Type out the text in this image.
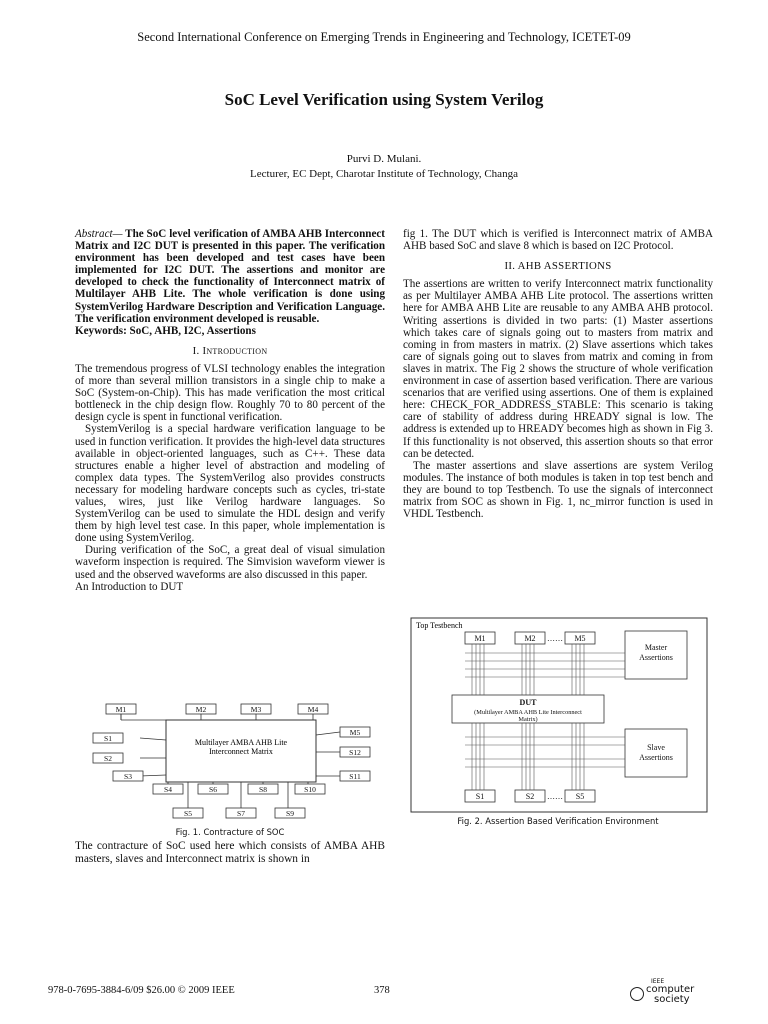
Second International Conference on Emerging Trends in Engineering and Technology, ICETET-09
SoC Level Verification using System Verilog
Purvi D. Mulani.
Lecturer, EC Dept, Charotar Institute of Technology, Changa

Abstract— The SoC level verification of AMBA AHB Interconnect Matrix and I2C DUT is presented in this paper. The verification environment has been developed and test cases have been implemented for I2C DUT. The assertions and monitor are developed to check the functionality of Interconnect matrix of Multilayer AHB Lite. The whole verification is done using SystemVerilog Hardware Description and Verification Language. The verification environment developed is reusable.

Keywords: SoC, AHB, I2C, Assertions

I. Introduction

The tremendous progress of VLSI technology enables the integration of more than several million transistors in a single chip to make a SoC (System-on-Chip). This has made verification the most critical bottleneck in the chip design flow. Roughly 70 to 80 percent of the design cycle is spent in functional verification.

SystemVerilog is a special hardware verification language to be used in function verification. It provides the high-level data structures available in object-oriented languages, such as C++. These data structures enable a higher level of abstraction and modeling of complex data types. The SystemVerilog also provides constructs necessary for modeling hardware concepts such as cycles, tri-state values, wires, just like Verilog hardware languages. So SystemVerilog can be used to simulate the HDL design and verify them by high level test case. In this paper, whole implementation is done using SystemVerilog.

During verification of the SoC, a great deal of visual simulation waveform inspection is required. The Simvision waveform viewer is used and the observed waveforms are also discussed in this paper.

An Introduction to DUT

Multilayer AMBA AHB Lite
Interconnect Matrix
M1	M2	M3	M4
M5
S12
S11
S1
S2
S3
S4	S6	S8	S10
S5	S7	S9
Fig. 1. Contracture of SOC

The contracture of SoC used here which consists of AMBA AHB masters, slaves and Interconnect matrix is shown in

fig 1. The DUT which is verified is Interconnect matrix of AMBA AHB based SoC and slave 8 which is based on I2C Protocol.

II. AHB ASSERTIONS

The assertions are written to verify Interconnect matrix functionality as per Multilayer AMBA AHB Lite protocol. The assertions written here for AMBA AHB Lite are reusable to any AMBA AHB protocol. Writing assertions is divided in two parts: (1) Master assertions which takes care of signals going out to masters from matrix and coming in from masters in matrix. (2) Slave assertions which takes care of signals going out to slaves from matrix and coming in from slaves in matrix. The Fig 2 shows the structure of whole verification environment in case of assertion based verification. There are various scenarios that are verified using assertions. One of them is explained here: CHECK_FOR_ADDRESS_STABLE: This scenario is taking care of stability of address during HREADY signal is low. The address is extended up to HREADY becomes high as shown in Fig 3. If this functionality is not observed, this assertion shouts so that error can be detected.

The master assertions and slave assertions are system Verilog modules. The instance of both modules is taken in top test bench and they are bound to top Testbench. To use the signals of interconnect matrix from SOC as shown in Fig. 1, nc_mirror function is used in VHDL Testbench.

Top Testbench
M1	M2 …… M5
Master
Assertions
DUT
(Multilayer AMBA AHB Lite Interconnect
Matrix)
Slave
Assertions
S1	S2 …… S5
Fig. 2. Assertion Based Verification Environment
978-0-7695-3884-6/09 $26.00 © 2009 IEEE	378
IEEE
computer
society
